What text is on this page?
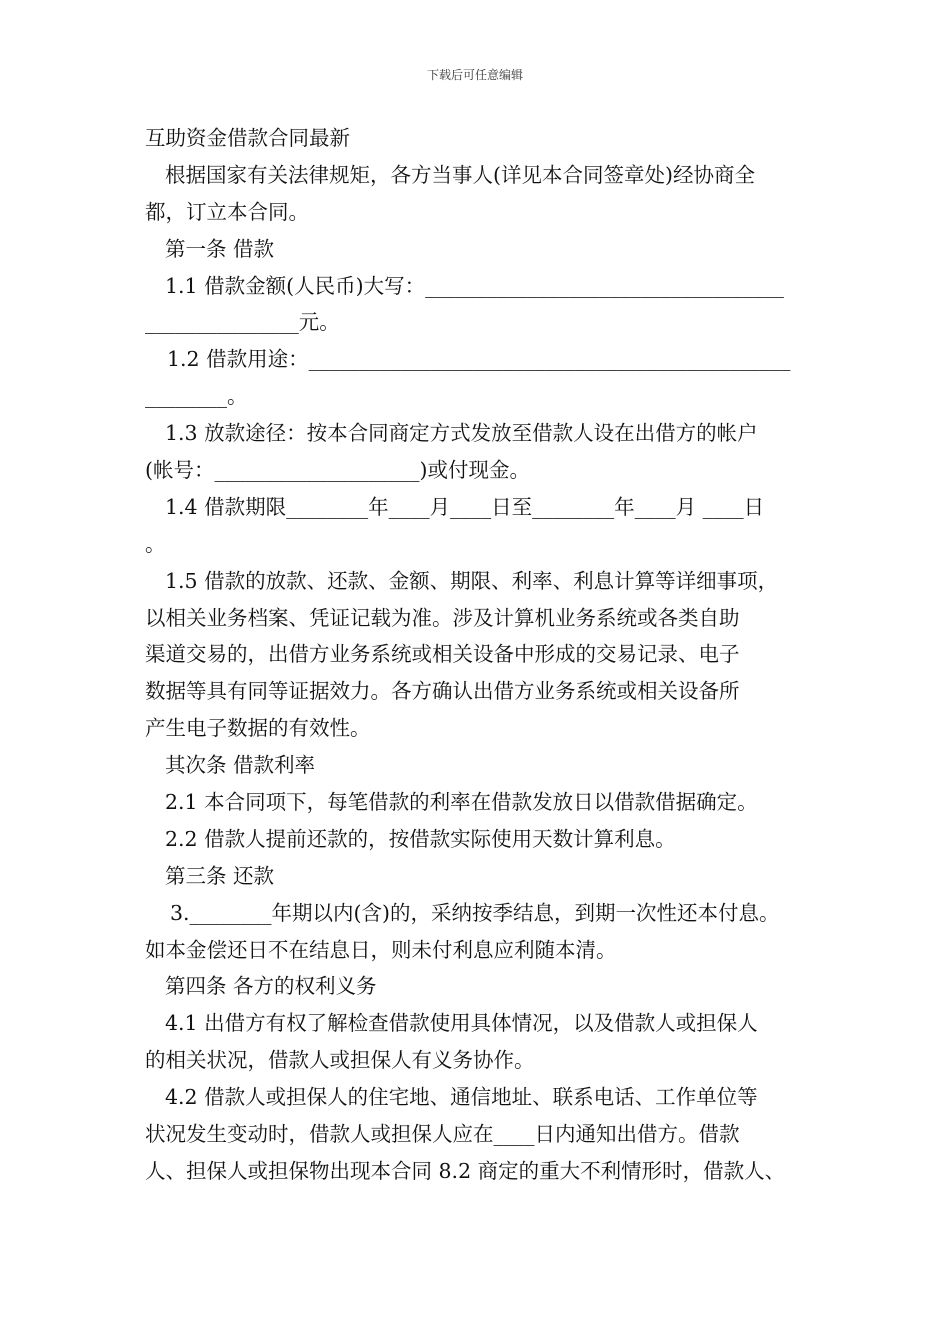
下载后可任意编辑
互助资金借款合同最新
根据国家有关法律规矩，各方当事人(详见本合同签章处)经协商全
都，订立本合同。
第一条 借款
1.1 借款金额(人民币)大写：___________________________________
_______________元。
1.2 借款用途：_______________________________________________
________。
1.3 放款途径：按本合同商定方式发放至借款人设在出借方的帐户
(帐号：____________________)或付现金。
1.4 借款期限________年____月____日至________年____月 ____日
。
1.5 借款的放款、还款、金额、期限、利率、利息计算等详细事项，
以相关业务档案、凭证记载为准。涉及计算机业务系统或各类自助
渠道交易的，出借方业务系统或相关设备中形成的交易记录、电子
数据等具有同等证据效力。各方确认出借方业务系统或相关设备所
产生电子数据的有效性。
其次条 借款利率
2.1 本合同项下，每笔借款的利率在借款发放日以借款借据确定。
2.2 借款人提前还款的，按借款实际使用天数计算利息。
第三条 还款
3.________年期以内(含)的，采纳按季结息，到期一次性还本付息。
如本金偿还日不在结息日，则未付利息应利随本清。
第四条 各方的权利义务
4.1 出借方有权了解检查借款使用具体情况，以及借款人或担保人
的相关状况，借款人或担保人有义务协作。
4.2 借款人或担保人的住宅地、通信地址、联系电话、工作单位等
状况发生变动时，借款人或担保人应在____日内通知出借方。借款
人、担保人或担保物出现本合同 8.2 商定的重大不利情形时，借款人、
